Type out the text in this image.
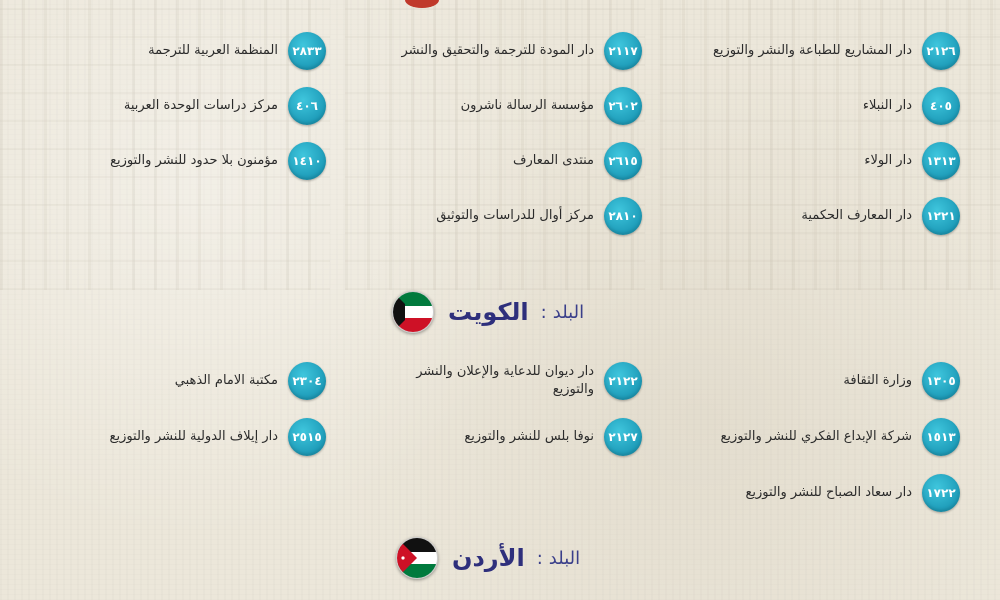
دار المشاريع للطباعة والنشر والتوزيع	٢١٢٦
دار النبلاء	٤٠٥
دار الولاء	١٣١٣
دار المعارف الحكمية	١٢٢١
دار المودة للترجمة والتحقيق والنشر	٢١١٧
مؤسسة الرسالة ناشرون	٢٦٠٢
منتدى المعارف	٢٦١٥
مركز أوال للدراسات والتوثيق	٢٨١٠
المنظمة العربية للترجمة	٢٨٣٣
مركز دراسات الوحدة العربية	٤٠٦
مؤمنون بلا حدود للنشر والتوزيع	١٤١٠
الكويت : البلد
وزارة الثقافة	١٣٠٥
شركة الإبداع الفكري للنشر والتوزيع	١٥١٣
دار سعاد الصباح للنشر والتوزيع	١٧٢٢
دار ديوان للدعاية والإعلان والنشر والتوزيع
٢١٢٢
نوفا بلس للنشر والتوزيع	٢١٢٧
مكتبة الامام الذهبي	٢٣٠٤
دار إيلاف الدولية للنشر والتوزيع	٢٥١٥
الأردن : البلد
